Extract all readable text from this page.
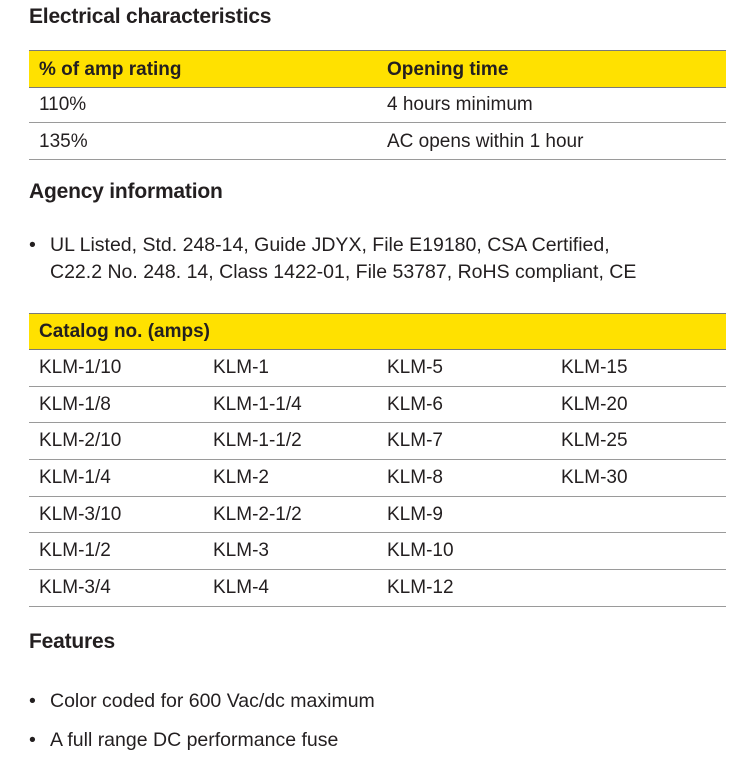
Electrical characteristics
% of amp rating	Opening time
110%	4 hours minimum
135%	AC opens within 1 hour
Agency information
• UL Listed, Std. 248-14, Guide JDYX, File E19180, CSA Certified,
C22.2 No. 248. 14, Class 1422-01, File 53787, RoHS compliant, CE
Catalog no. (amps)
KLM-1/10	KLM-1	KLM-5	KLM-15
KLM-1/8	KLM-1-1/4	KLM-6	KLM-20
KLM-2/10	KLM-1-1/2	KLM-7	KLM-25
KLM-1/4	KLM-2	KLM-8	KLM-30
KLM-3/10	KLM-2-1/2	KLM-9
KLM-1/2	KLM-3	KLM-10
KLM-3/4	KLM-4	KLM-12
Features
• Color coded for 600 Vac/dc maximum
• A full range DC performance fuse
